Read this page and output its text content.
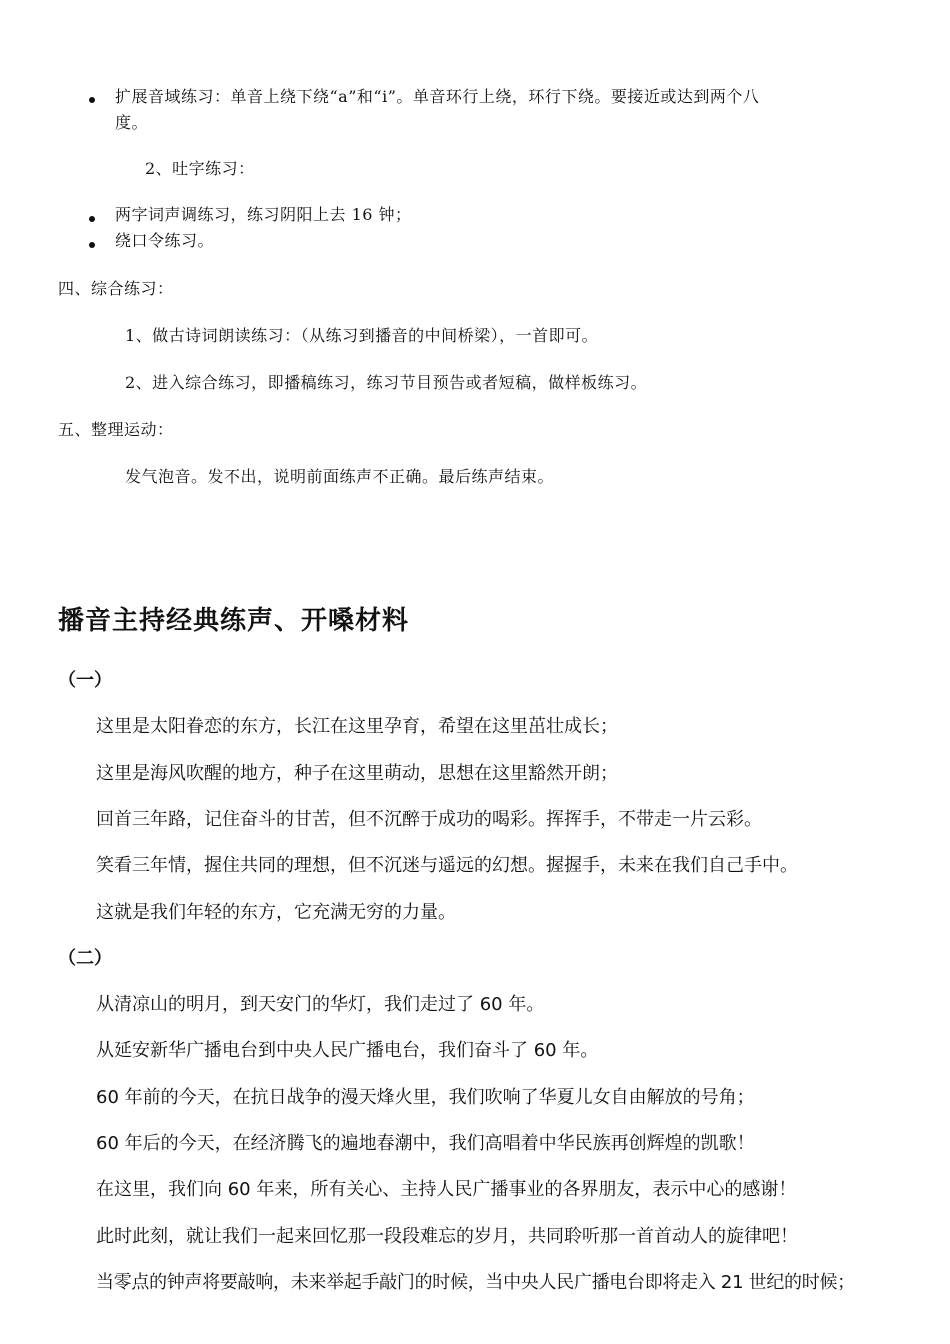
扩展音域练习：单音上绕下绕“a”和“i”。单音环行上绕，环行下绕。要接近或达到两个八
度。
2、吐字练习：
两字词声调练习，练习阴阳上去 16 钟；
绕口令练习。
四、综合练习：
1、做古诗词朗读练习：（从练习到播音的中间桥梁），一首即可。
2、进入综合练习，即播稿练习，练习节目预告或者短稿，做样板练习。
五、整理运动：
发气泡音。发不出，说明前面练声不正确。最后练声结束。
播音主持经典练声、开嗓材料
（一）
这里是太阳眷恋的东方，长江在这里孕育，希望在这里茁壮成长；
这里是海风吹醒的地方，种子在这里萌动，思想在这里豁然开朗；
回首三年路，记住奋斗的甘苦，但不沉醉于成功的喝彩。挥挥手，不带走一片云彩。
笑看三年情，握住共同的理想，但不沉迷与遥远的幻想。握握手，未来在我们自己手中。
这就是我们年轻的东方，它充满无穷的力量。
（二）
从清凉山的明月，到天安门的华灯，我们走过了 60 年。
从延安新华广播电台到中央人民广播电台，我们奋斗了 60 年。
60 年前的今天，在抗日战争的漫天烽火里，我们吹响了华夏儿女自由解放的号角；
60 年后的今天，在经济腾飞的遍地春潮中，我们高唱着中华民族再创辉煌的凯歌！
在这里，我们向 60 年来，所有关心、主持人民广播事业的各界朋友，表示中心的感谢！
此时此刻，就让我们一起来回忆那一段段难忘的岁月，共同聆听那一首首动人的旋律吧！
当零点的钟声将要敲响，未来举起手敲门的时候，当中央人民广播电台即将走入 21 世纪的时候；
